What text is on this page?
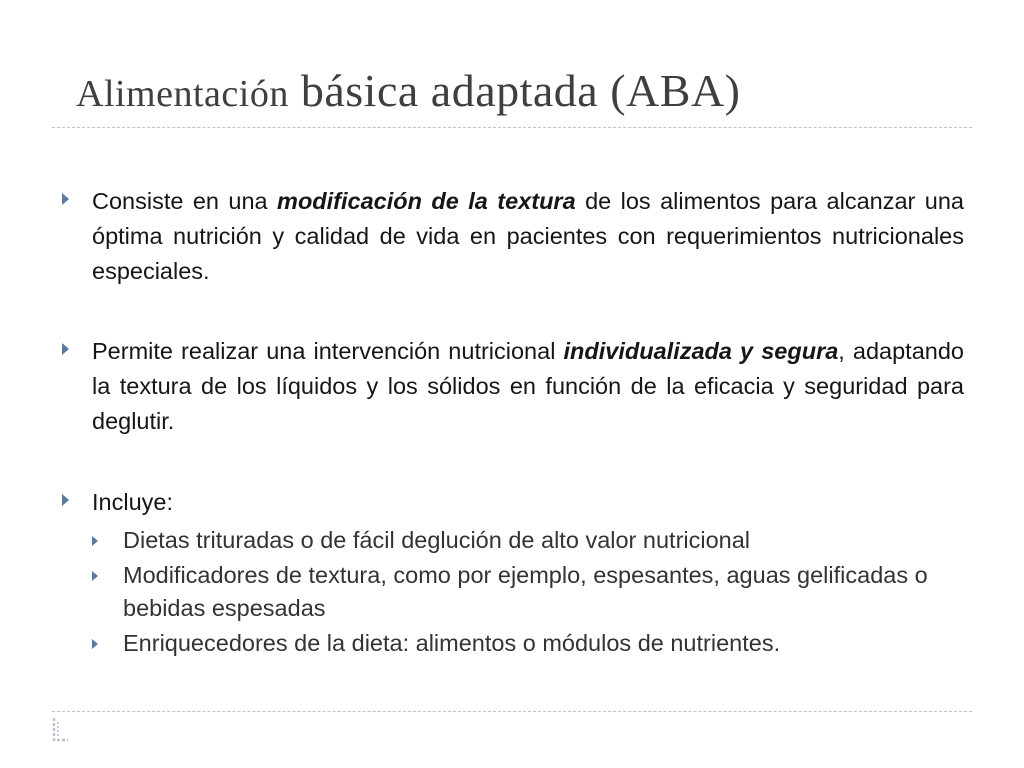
Alimentación básica adaptada (ABA)
Consiste en una modificación de la textura de los alimentos para alcanzar una óptima nutrición y calidad de vida en pacientes con requerimientos nutricionales especiales.
Permite realizar una intervención nutricional individualizada y segura, adaptando la textura de los líquidos y los sólidos en función de la eficacia y seguridad para deglutir.
Incluye:
Dietas trituradas o de fácil deglución de alto valor nutricional
Modificadores de textura, como por ejemplo, espesantes, aguas gelificadas o bebidas espesadas
Enriquecedores de la dieta: alimentos o módulos de nutrientes.
